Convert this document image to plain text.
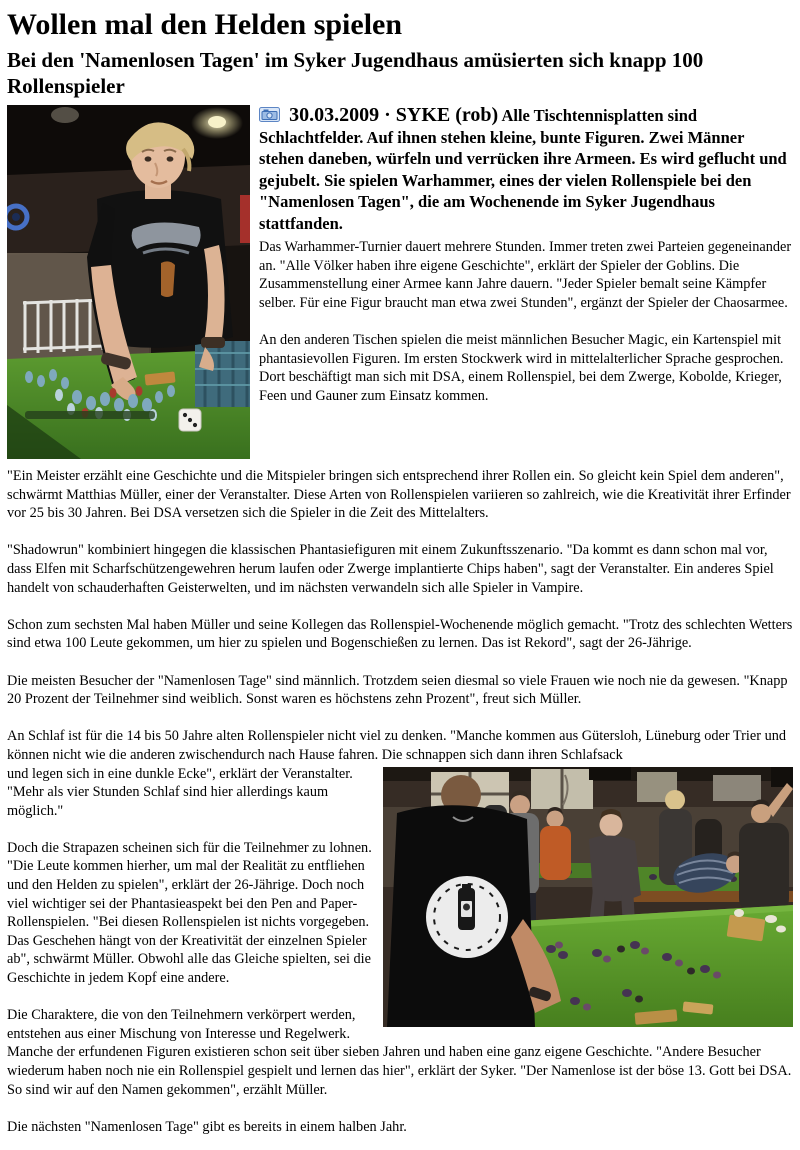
Wollen mal den Helden spielen
Bei den 'Namenlosen Tagen' im Syker Jugendhaus amüsierten sich knapp 100 Rollenspieler

30.03.2009 · SYKE (rob) Alle Tischtennisplatten sind Schlachtfelder. Auf ihnen stehen kleine, bunte Figuren. Zwei Männer stehen daneben, würfeln und verrücken ihre Armeen. Es wird geflucht und gejubelt. Sie spielen Warhammer, eines der vielen Rollenspiele bei den "Namenlosen Tagen", die am Wochenende im Syker Jugendhaus stattfanden.

Das Warhammer-Turnier dauert mehrere Stunden. Immer treten zwei Parteien gegeneinander an. "Alle Völker haben ihre eigene Geschichte", erklärt der Spieler der Goblins. Die Zusammenstellung einer Armee kann Jahre dauern. "Jeder Spieler bemalt seine Kämpfer selber. Für eine Figur braucht man etwa zwei Stunden", ergänzt der Spieler der Chaosarmee.

An den anderen Tischen spielen die meist männlichen Besucher Magic, ein Kartenspiel mit phantasievollen Figuren. Im ersten Stockwerk wird in mittelalterlicher Sprache gesprochen. Dort beschäftigt man sich mit DSA, einem Rollenspiel, bei dem Zwerge, Kobolde, Krieger, Feen und Gauner zum Einsatz kommen.

"Ein Meister erzählt eine Geschichte und die Mitspieler bringen sich entsprechend ihrer Rollen ein. So gleicht kein Spiel dem anderen", schwärmt Matthias Müller, einer der Veranstalter. Diese Arten von Rollenspielen variieren so zahlreich, wie die Kreativität ihrer Erfinder vor 25 bis 30 Jahren. Bei DSA versetzen sich die Spieler in die Zeit des Mittelalters.

"Shadowrun" kombiniert hingegen die klassischen Phantasiefiguren mit einem Zukunftsszenario. "Da kommt es dann schon mal vor, dass Elfen mit Scharfschützengewehren herum laufen oder Zwerge implantierte Chips haben", sagt der Veranstalter. Ein anderes Spiel handelt von schauderhaften Geisterwelten, und im nächsten verwandeln sich alle Spieler in Vampire.

Schon zum sechsten Mal haben Müller und seine Kollegen das Rollenspiel-Wochenende möglich gemacht. "Trotz des schlechten Wetters sind etwa 100 Leute gekommen, um hier zu spielen und Bogenschießen zu lernen. Das ist Rekord", sagt der 26-Jährige.

Die meisten Besucher der "Namenlosen Tage" sind männlich. Trotzdem seien diesmal so viele Frauen wie noch nie da gewesen. "Knapp 20 Prozent der Teilnehmer sind weiblich. Sonst waren es höchstens zehn Prozent", freut sich Müller.

An Schlaf ist für die 14 bis 50 Jahre alten Rollenspieler nicht viel zu denken. "Manche kommen aus Gütersloh, Lüneburg oder Trier und können nicht wie die anderen zwischendurch nach Hause fahren. Die schnappen sich dann ihren Schlafsack

und legen sich in eine dunkle Ecke", erklärt der Veranstalter. "Mehr als vier Stunden Schlaf sind hier allerdings kaum möglich."

Doch die Strapazen scheinen sich für die Teilnehmer zu lohnen. "Die Leute kommen hierher, um mal der Realität zu entfliehen und den Helden zu spielen", erklärt der 26-Jährige. Doch noch viel wichtiger sei der Phantasieaspekt bei den Pen and Paper-Rollenspielen. "Bei diesen Rollenspielen ist nichts vorgegeben. Das Geschehen hängt von der Kreativität der einzelnen Spieler ab", schwärmt Müller. Obwohl alle das Gleiche spielten, sei die Geschichte in jedem Kopf eine andere.

Die Charaktere, die von den Teilnehmern verkörpert werden, entstehen aus einer Mischung von Interesse und Regelwerk. Manche der erfundenen Figuren existieren schon seit über sieben Jahren und haben eine ganz eigene Geschichte. "Andere Besucher wiederum haben noch nie ein Rollenspiel gespielt und lernen das hier", erklärt der Syker. "Der Namenlose ist der böse 13. Gott bei DSA. So sind wir auf den Namen gekommen", erzählt Müller.

Die nächsten "Namenlosen Tage" gibt es bereits in einem halben Jahr.
